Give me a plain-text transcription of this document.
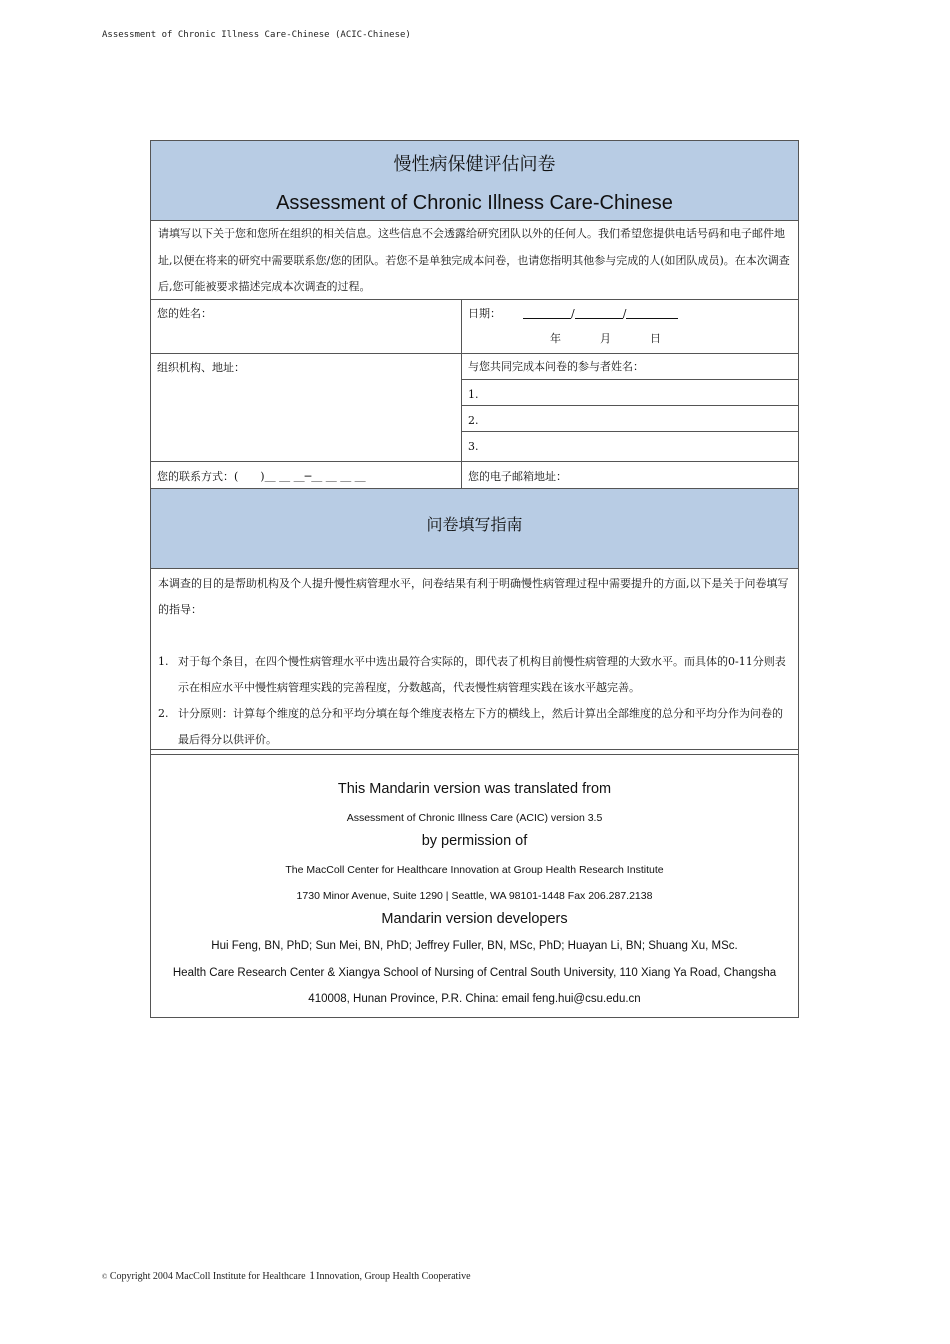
Assessment of Chronic Illness Care-Chinese (ACIC-Chinese)
慢性病保健评估问卷
Assessment of Chronic Illness Care-Chinese
请填写以下关于您和您所在组织的相关信息。这些信息不会透露给研究团队以外的任何人。我们希望您提供电话号码和电子邮件地址,以便在将来的研究中需要联系您/您的团队。若您不是单独完成本问卷，也请您指明其他参与完成的人(如团队成员)。在本次调查后,您可能被要求描述完成本次调查的过程。
您的姓名：	日期：	/	/
年	月	日
组织机构、地址：	与您共同完成本问卷的参与者姓名：
1.
2.
3.
您的联系方式：(　　)＿ ＿ ＿─＿ ＿ ＿ ＿	您的电子邮箱地址：
问卷填写指南
本调查的目的是帮助机构及个人提升慢性病管理水平，问卷结果有利于明确慢性病管理过程中需要提升的方面,以下是关于问卷填写的指导：
1. 对于每个条目，在四个慢性病管理水平中选出最符合实际的，即代表了机构目前慢性病管理的大致水平。而具体的0-11分则表示在相应水平中慢性病管理实践的完善程度，分数越高，代表慢性病管理实践在该水平越完善。
2. 计分原则：计算每个维度的总分和平均分填在每个维度表格左下方的横线上，然后计算出全部维度的总分和平均分作为问卷的最后得分以供评价。
This Mandarin version was translated from
Assessment of Chronic Illness Care (ACIC) version 3.5
by permission of
The MacColl Center for Healthcare Innovation at Group Health Research Institute
1730 Minor Avenue, Suite 1290 | Seattle, WA 98101-1448 Fax 206.287.2138
Mandarin version developers
Hui Feng, BN, PhD; Sun Mei, BN, PhD; Jeffrey Fuller, BN, MSc, PhD; Huayan Li, BN; Shuang Xu, MSc.
Health Care Research Center & Xiangya School of Nursing of Central South University, 110 Xiang Ya Road, Changsha
410008, Hunan Province, P.R. China: email feng.hui@csu.edu.cn
© Copyright 2004 MacColl Institute for Healthcare 1Innovation, Group Health Cooperative
